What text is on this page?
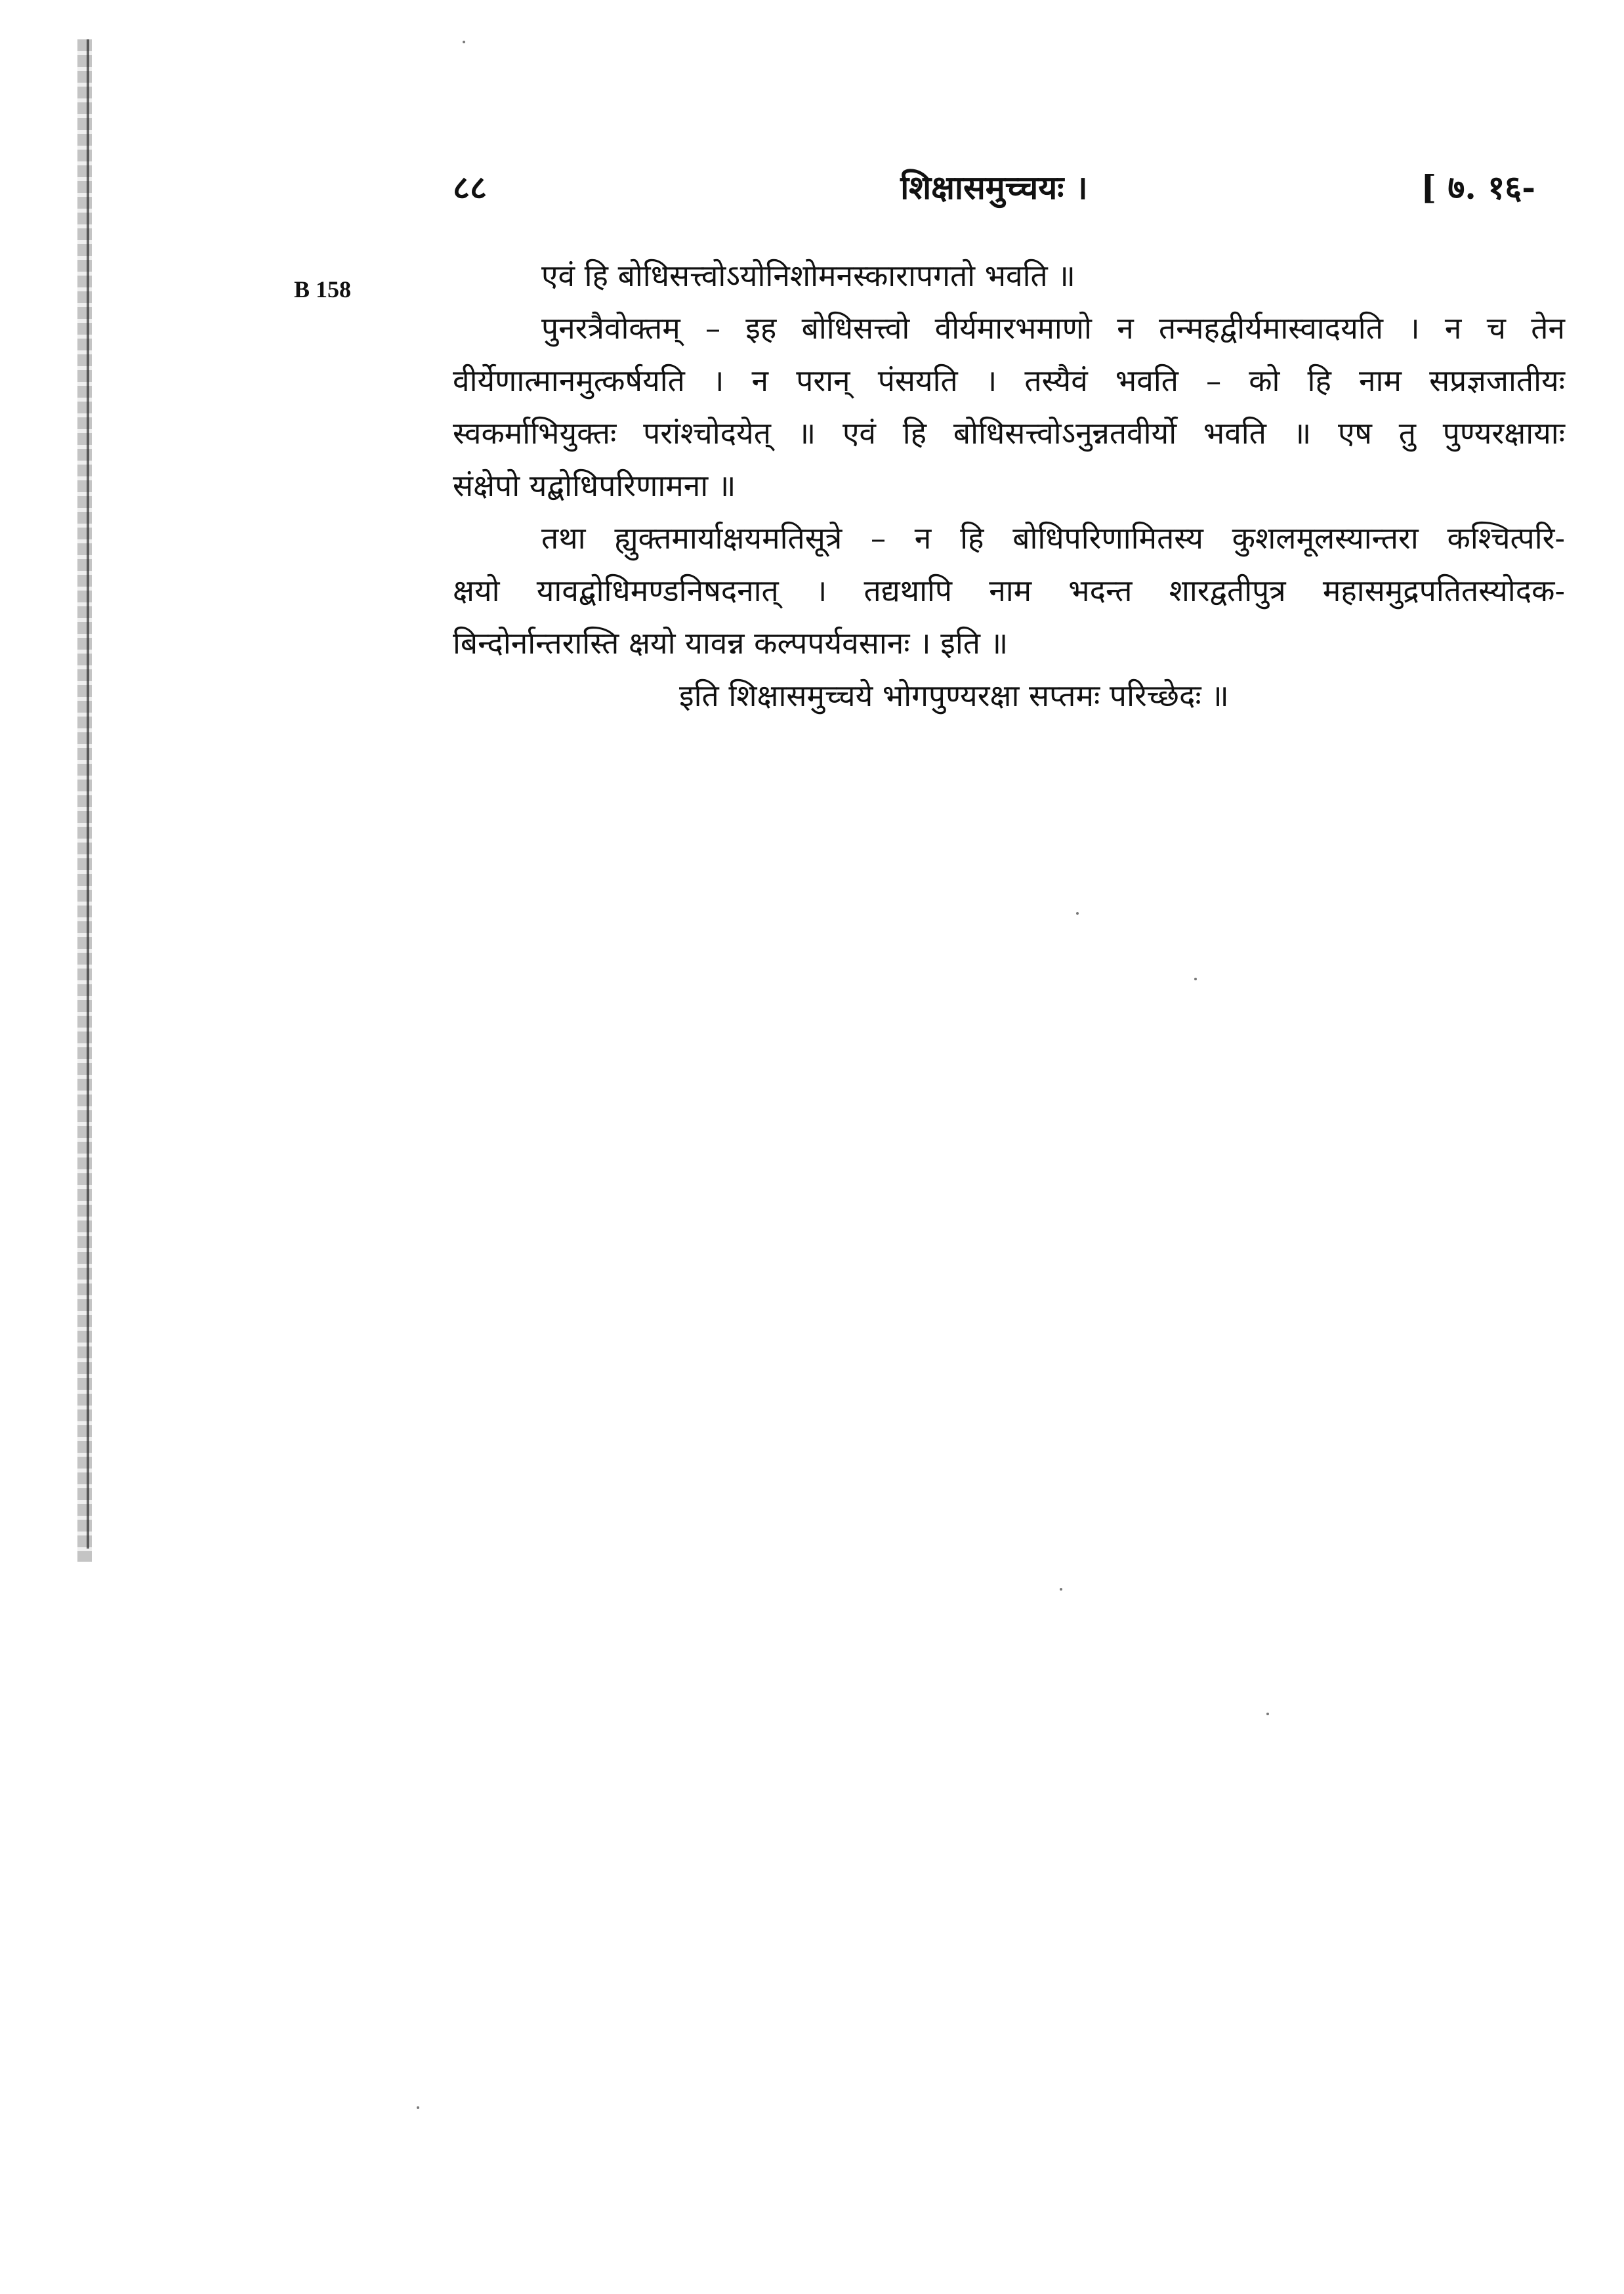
८८	शिक्षासमुच्चयः ।	[ ७. १६-
B 158	एवं हि बोधिसत्त्वोऽयोनिशोमनस्कारापगतो भवति ॥

पुनरत्रैवोक्तम् – इह बोधिसत्त्वो वीर्यमारभमाणो न तन्महद्वीर्यमास्वादयति । न च तेन
वीर्येणात्मानमुत्कर्षयति । न परान् पंसयति । तस्यैवं भवति – को हि नाम सप्रज्ञजातीयः
स्वकर्माभियुक्तः परांश्चोदयेत् ॥ एवं हि बोधिसत्त्वोऽनुन्नतवीर्यो भवति ॥ एष तु पुण्यरक्षायाः
संक्षेपो यद्बोधिपरिणामना ॥

तथा ह्युक्तमार्याक्षयमतिसूत्रे – न हि बोधिपरिणामितस्य कुशलमूलस्यान्तरा कश्चित्परि-
क्षयो यावद्बोधिमण्डनिषदनात् । तद्यथापि नाम भदन्त शारद्वतीपुत्र महासमुद्रपतितस्योदक-
बिन्दोर्नान्तरास्ति क्षयो यावन्न कल्पपर्यवसानः । इति ॥

इति शिक्षासमुच्चये भोगपुण्यरक्षा सप्तमः परिच्छेदः ॥
